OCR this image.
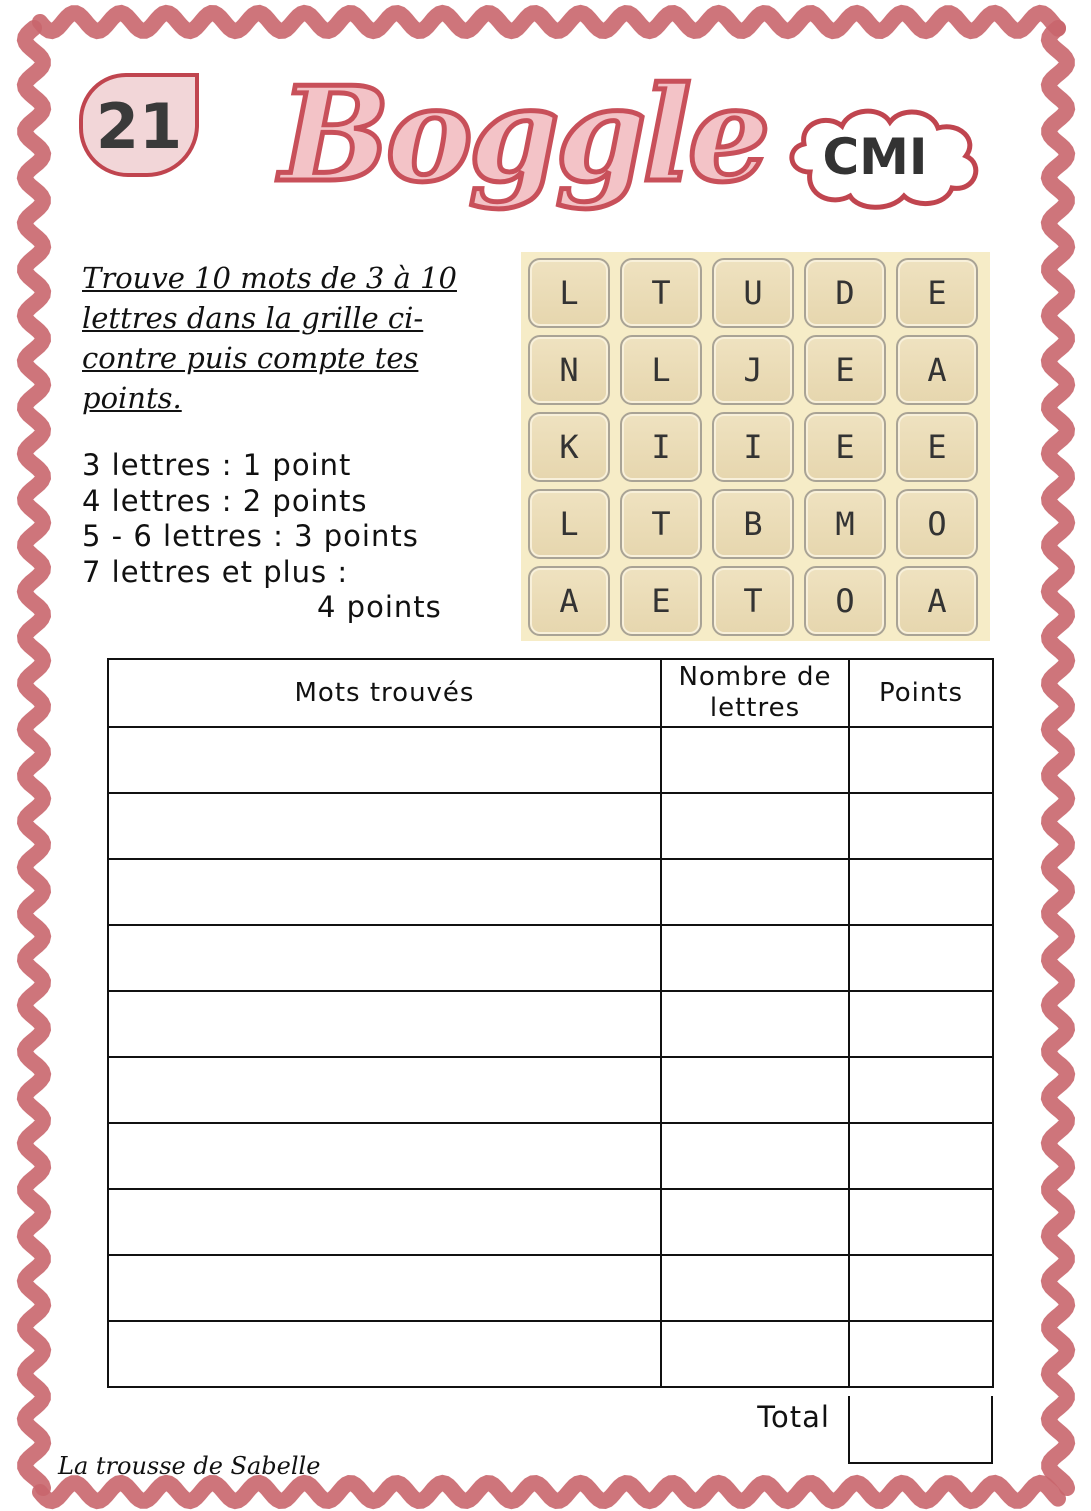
21 Boggle	CMI

Trouve 10 mots de 3 à 10

lettres dans la grille ci-

contre puis compte tes

points.

3 lettres : 1 point
4 lettres : 2 points
5 - 6 lettres : 3 points
7 lettres et plus :
4 points
L	T	U	D	E
N	L	J	E	A
K	I	I	E	E
L	T	B	M	O
A	E	T	O	A
Mots trouvés	Nombre de lettres	Points

Total
La trousse de Sabelle
